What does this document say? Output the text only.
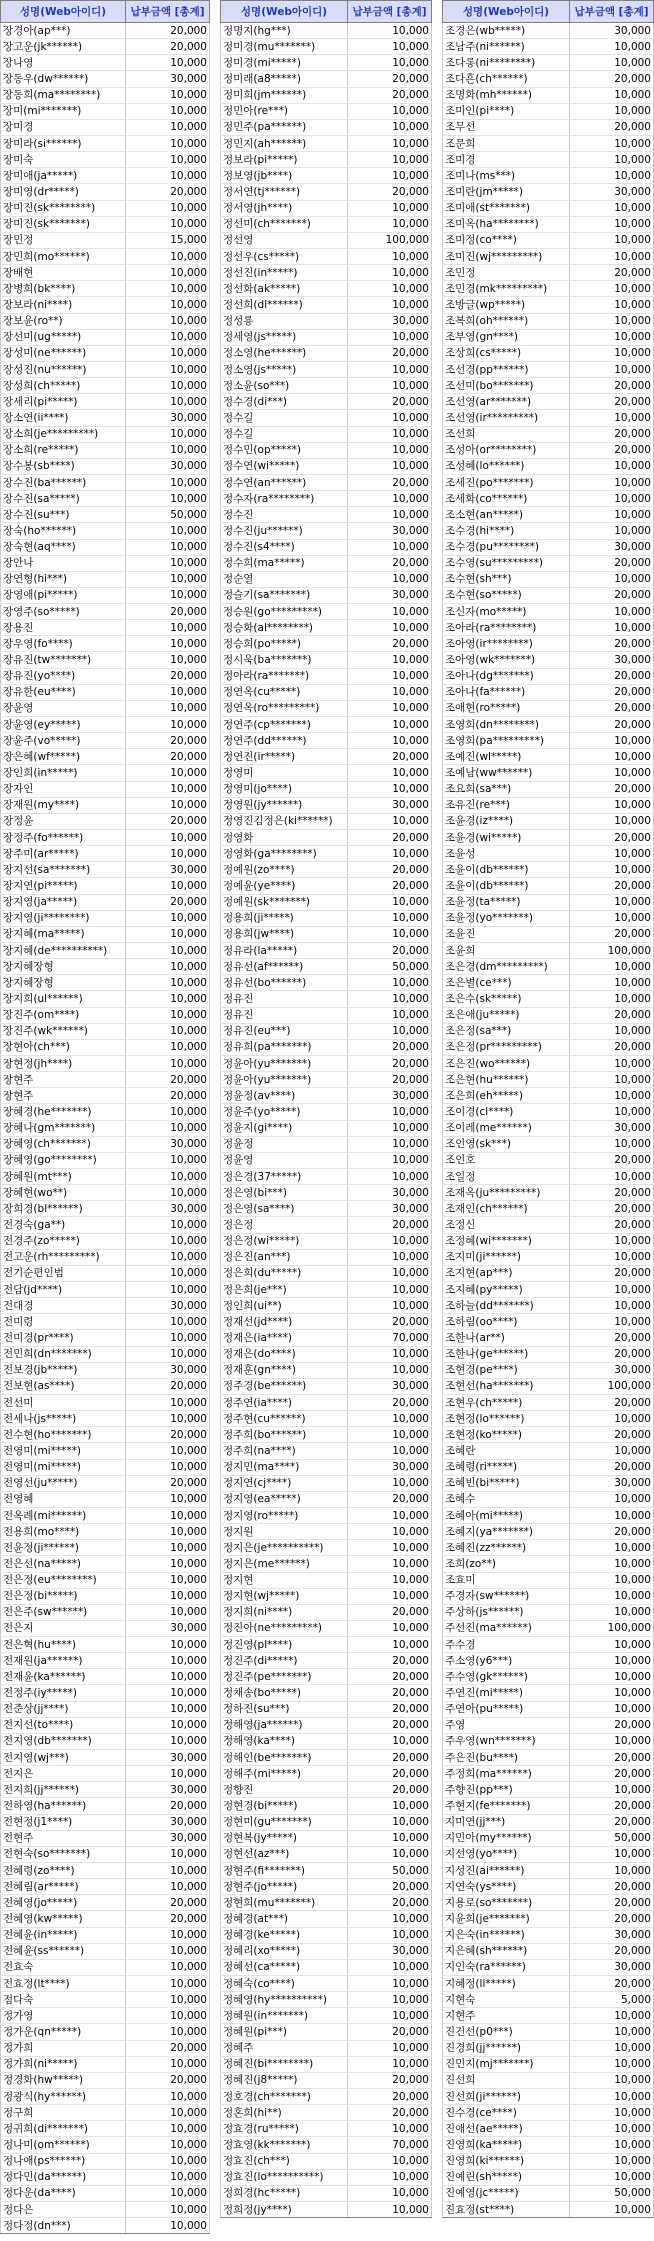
성명(Web아이디)	납부금액 [총계]
장경아(ap***)	20,000
장고운(jk******)	20,000
장나영	10,000
장동우(dw******)	30,000
장동희(ma********)	10,000
장미(mi*******)	10,000
장미경	10,000
장미라(si******)	10,000
장미숙	10,000
장미애(ja*****)	10,000
장미영(dr*****)	20,000
장미진(sk********)	10,000
장미진(sk*******)	10,000
장민정	15,000
장민희(mo******)	10,000
장배현	10,000
장병희(bk****)	10,000
장보라(ni****)	10,000
장보윤(ro**)	10,000
장선미(ug*****)	10,000
장성미(ne******)	10,000
장성진(nu******)	10,000
장성희(ch*****)	10,000
장세리(pi*****)	10,000
장소연(ii****)	30,000
장소희(je*********)	10,000
장소희(re*****)	10,000
장수봉(sb****)	30,000
장수진(ba******)	10,000
장수진(sa*****)	10,000
장수진(su***)	50,000
장숙(ho******)	10,000
장숙현(aq****)	10,000
장안나	10,000
장연형(hi***)	10,000
장영애(pi*****)	10,000
장영주(so*****)	20,000
장용진	10,000
장우영(fo****)	10,000
장유진(tw*******)	10,000
장유진(yo****)	20,000
장유한(eu****)	10,000
장윤영	10,000
장윤영(ey*****)	10,000
장윤주(vo*****)	20,000
장은혜(wf*****)	20,000
장인희(in*****)	10,000
장자인	10,000
장재원(my****)	10,000
장정윤	20,000
장정주(fo******)	10,000
장주미(ar*****)	10,000
장지선(sa*******)	30,000
장지연(pi*****)	10,000
장지영(ja*****)	20,000
장지영(ji********)	10,000
장지혜(ma*****)	10,000
장지혜(de**********)	10,000
장지혜장형	10,000
장지혜장형	10,000
장지희(ul******)	10,000
장진주(om****)	10,000
장진주(wk******)	10,000
장현아(ch***)	10,000
장현정(jh****)	10,000
장현주	20,000
장현주	20,000
장혜경(he*******)	10,000
장혜나(gm*******)	10,000
장혜영(ch*******)	30,000
장혜영(go********)	10,000
장혜원(mt***)	10,000
장혜현(wo**)	10,000
장희경(bl******)	30,000
전경숙(ga**)	10,000
전경주(zo*****)	10,000
전고운(rh*********)	10,000
전기순편인범	10,000
전담(jd****)	10,000
전대경	30,000
전미령	10,000
전미경(pr****)	10,000
전민희(dn*******)	10,000
전보경(jb*****)	30,000
전보현(as****)	20,000
전선미	10,000
전세나(js*****)	10,000
전수현(ho*******)	20,000
전영미(mi*****)	10,000
전영미(mi*****)	10,000
전영선(ju*****)	20,000
전영혜	10,000
전옥례(mi******)	10,000
전용희(mo****)	10,000
전윤정(ji******)	10,000
전은선(na*****)	10,000
전은정(eu********)	10,000
전은정(bi*****)	10,000
전은주(sw******)	10,000
전은지	30,000
전은혁(hu****)	10,000
전재원(ja******)	10,000
전재윤(ka******)	10,000
전정주(iy*****)	10,000
전준상(jj****)	10,000
전지선(to****)	10,000
전지영(db*******)	10,000
전지영(wj***)	30,000
전지은	10,000
전지희(jj******)	30,000
전하영(ha******)	20,000
전현정(j1****)	30,000
전현주	30,000
전현숙(so*******)	10,000
전혜령(zo****)	10,000
전혜림(ar*****)	10,000
전혜영(jo*****)	20,000
전혜영(kw*****)	20,000
전혜윤(in*****)	10,000
전혜윤(ss******)	10,000
전효숙	10,000
전효정(lt****)	10,000
점다숙	10,000
정가영	10,000
정가운(qn*****)	10,000
정가희	20,000
정가희(ni*****)	10,000
정경화(hw*****)	20,000
정광식(hy******)	10,000
정구희	10,000
정귀희(di*******)	10,000
정나미(om******)	10,000
정나애(ps******)	10,000
정다민(da******)	10,000
정다운(da****)	10,000
정다은	10,000
정다정(dn***)	10,000
성명(Web아이디)	납부금액 [총계]
정명지(hg***)	10,000
정미경(mu*******)	10,000
정미경(mi*****)	10,000
정미래(a8*****)	20,000
정미희(jm******)	20,000
정민아(re***)	10,000
정민주(pa******)	10,000
정민지(ah******)	10,000
정보라(pi*****)	10,000
정보영(jb****)	10,000
정서연(tj******)	20,000
정서영(jh****)	10,000
정선미(ch*******)	10,000
정선영	100,000
정선우(cs*****)	10,000
정선진(in*****)	10,000
정선화(ak*****)	10,000
정선희(dl******)	10,000
정성룡	30,000
정세영(js*****)	10,000
정소영(he******)	20,000
정소영(js*****)	10,000
정소윤(so***)	10,000
정수경(di***)	20,000
정수길	10,000
정수길	10,000
정수민(op*****)	10,000
정수연(wi*****)	10,000
정수연(an******)	20,000
정수자(ra********)	10,000
정수진	10,000
정수진(ju******)	30,000
정수진(s4****)	10,000
정수희(ma*****)	20,000
정순열	10,000
정슬기(sa*******)	30,000
정승원(go*********)	10,000
정승화(al********)	10,000
정승희(po*****)	20,000
정시욱(ba*******)	10,000
정아라(ra*******)	10,000
정연옥(cu*****)	10,000
정연옥(ro*********)	10,000
정연주(cp*******)	10,000
정연주(dd******)	10,000
정연진(ir*****)	20,000
정영미	10,000
정영미(jo****)	10,000
정영원(jy******)	30,000
정영진김정은(ki******)	10,000
정영화	20,000
정영화(ga********)	10,000
정예원(zo****)	20,000
정예윤(ye****)	20,000
정예원(sk*******)	10,000
정용희(ji*****)	10,000
정용희(jw****)	10,000
정유라(la*****)	20,000
정유선(af******)	50,000
정유선(bo******)	10,000
정유진	10,000
정유진	10,000
정유진(eu***)	10,000
정유희(pa*******)	20,000
정윤아(yu*******)	20,000
정윤아(yu*******)	20,000
정윤정(av****)	30,000
정윤주(yo*****)	10,000
정윤지(gi****)	10,000
정윤정	10,000
정윤영	10,000
정은경(37*****)	10,000
정은영(bi***)	30,000
정은영(sa****)	30,000
정은정	20,000
정은정(wi*****)	10,000
정은진(an***)	10,000
정은희(du*****)	10,000
정은희(je***)	10,000
정인희(ui**)	10,000
정재선(jd****)	20,000
정재은(ia****)	70,000
정재은(do****)	10,000
정재훈(gn****)	10,000
정주경(be******)	30,000
정주연(ia****)	20,000
정주현(cu******)	10,000
정주희(bo******)	10,000
정주희(na****)	10,000
정지민(ma****)	30,000
정지연(cj****)	10,000
정지영(ea*****)	20,000
정지영(ro*****)	10,000
정지원	10,000
정지은(je**********)	10,000
정지은(me******)	10,000
정지현	10,000
정지현(wj*****)	10,000
정지희(ni****)	20,000
정진아(ne*********)	10,000
정진영(pl****)	10,000
정진주(di*****)	20,000
정진주(pe*******)	20,000
정채송(bo*****)	20,000
정하진(su***)	20,000
정해영(ja******)	20,000
정해영(ka****)	10,000
정해인(be*******)	20,000
정해주(mi*****)	20,000
정향진	20,000
정현경(bi*****)	10,000
정현미(gu*******)	10,000
정현복(jy*****)	10,000
정현선(az***)	10,000
정현주(fi*******)	50,000
정현주(jo*****)	20,000
정현희(mu*******)	20,000
정혜경(at***)	10,000
정혜경(ke*****)	10,000
정혜리(xo*****)	30,000
정혜선(ca*****)	10,000
정혜숙(co****)	10,000
정혜영(hy**********)	10,000
정혜원(in*******)	10,000
정혜원(pi***)	20,000
정혜주	10,000
정혜진(bi********)	10,000
정혜진(j8*****)	20,000
정호경(ch*******)	20,000
정혼희(hi**)	20,000
정효경(ru*****)	10,000
정효영(kk*******)	70,000
정효진(ch***)	10,000
정효진(lo**********)	10,000
정희경(hc*****)	10,000
정희정(jy****)	10,000
성명(Web아이디)	납부금액 [총계]
조경은(wb*****)	30,000
조남주(ni******)	10,000
조다롱(ni********)	10,000
조다흔(ch******)	20,000
조명화(mh******)	10,000
조미인(pi****)	10,000
조무선	20,000
조문희	10,000
조미경	10,000
조미나(ms***)	10,000
조미란(jm*****)	30,000
조미애(st*******)	10,000
조미옥(ha********)	10,000
조미정(co****)	10,000
조미진(wj*********)	10,000
조민정	20,000
조민경(mk*********)	10,000
조방글(wp*****)	10,000
조복희(oh******)	10,000
조부영(gn****)	10,000
조상희(cs*****)	10,000
조선경(pp******)	10,000
조선미(bo*******)	20,000
조선영(ar*******)	20,000
조선영(ir*********)	10,000
조선희	20,000
조성아(or********)	20,000
조성혜(lo******)	10,000
조세진(po*******)	10,000
조세화(co******)	10,000
조소현(an*****)	10,000
조수경(hi****)	10,000
조수경(pu********)	30,000
조수영(su*********)	20,000
조수현(sh***)	10,000
조수현(so*****)	20,000
조신자(mo*****)	10,000
조아라(ra********)	10,000
조아영(ir********)	20,000
조아영(wk*******)	30,000
조아나(dg*******)	20,000
조아나(fa******)	20,000
조애현(ro*****)	20,000
조영희(dn********)	20,000
조영희(pa*********)	10,000
조예진(wl*****)	10,000
조예남(ww******)	10,000
조요희(sa***)	20,000
조유진(re***)	10,000
조윤경(iz****)	10,000
조윤경(wi*****)	20,000
조윤성	10,000
조윤이(db******)	10,000
조윤이(db******)	20,000
조윤정(ta*****)	10,000
조윤정(yo*******)	10,000
조윤진	20,000
조윤희	100,000
조은경(dm*********)	10,000
조은별(ce***)	10,000
조은수(sk*****)	10,000
조은애(ju*****)	20,000
조은정(sa***)	10,000
조은정(pr*********)	20,000
조은진(wo******)	10,000
조은현(hu******)	10,000
조은희(eh*****)	10,000
조이경(cl****)	10,000
조이레(me******)	30,000
조인영(sk***)	10,000
조인호	20,000
조일정	10,000
조재옥(ju*********)	20,000
조재인(ch******)	20,000
조정신	20,000
조정혜(wi*******)	10,000
조지미(ji******)	10,000
조지현(ap***)	20,000
조지혜(py*****)	10,000
조하늘(dd*******)	10,000
조하림(oo****)	10,000
조한나(ar**)	20,000
조한나(ge******)	20,000
조현경(pe****)	30,000
조현선(ha*******)	100,000
조현우(ch*****)	20,000
조현정(lo******)	10,000
조현정(ko*****)	20,000
조혜란	10,000
조혜령(ri*****)	20,000
조혜빈(bi*****)	30,000
조혜수	10,000
조혜아(mi*****)	10,000
조혜지(ya*******)	20,000
조혜진(zz******)	10,000
조희(zo**)	10,000
조효미	10,000
주경자(sw******)	10,000
주상하(js******)	10,000
주선진(ma******)	100,000
주수경	10,000
주소영(y6***)	10,000
주수영(gk******)	10,000
주연진(mi*****)	10,000
주연아(pu*****)	10,000
주영	20,000
주우영(wn*******)	10,000
주은진(bu****)	20,000
주정희(ma******)	20,000
주향진(pp***)	10,000
주현지(fe*******)	20,000
지미연(jj***)	20,000
지민아(my******)	50,000
지선영(yo****)	10,000
지성진(ai******)	10,000
지연숙(ys****)	20,000
지용로(so*******)	20,000
지윤희(je*******)	20,000
지은숙(in******)	30,000
지은혜(sh******)	20,000
지인숙(ra******)	30,000
지혜정(ll*****)	20,000
지현숙	5,000
지현주	10,000
진건선(p0***)	10,000
진경희(jj******)	10,000
진민지(mj*******)	10,000
진선희	10,000
진선희(ji******)	10,000
진수경(ce****)	10,000
진애선(ae*****)	10,000
진영희(ka*****)	10,000
진영희(ki******)	10,000
진예린(sh*****)	10,000
진예영(jc*****)	50,000
진효정(st****)	10,000
